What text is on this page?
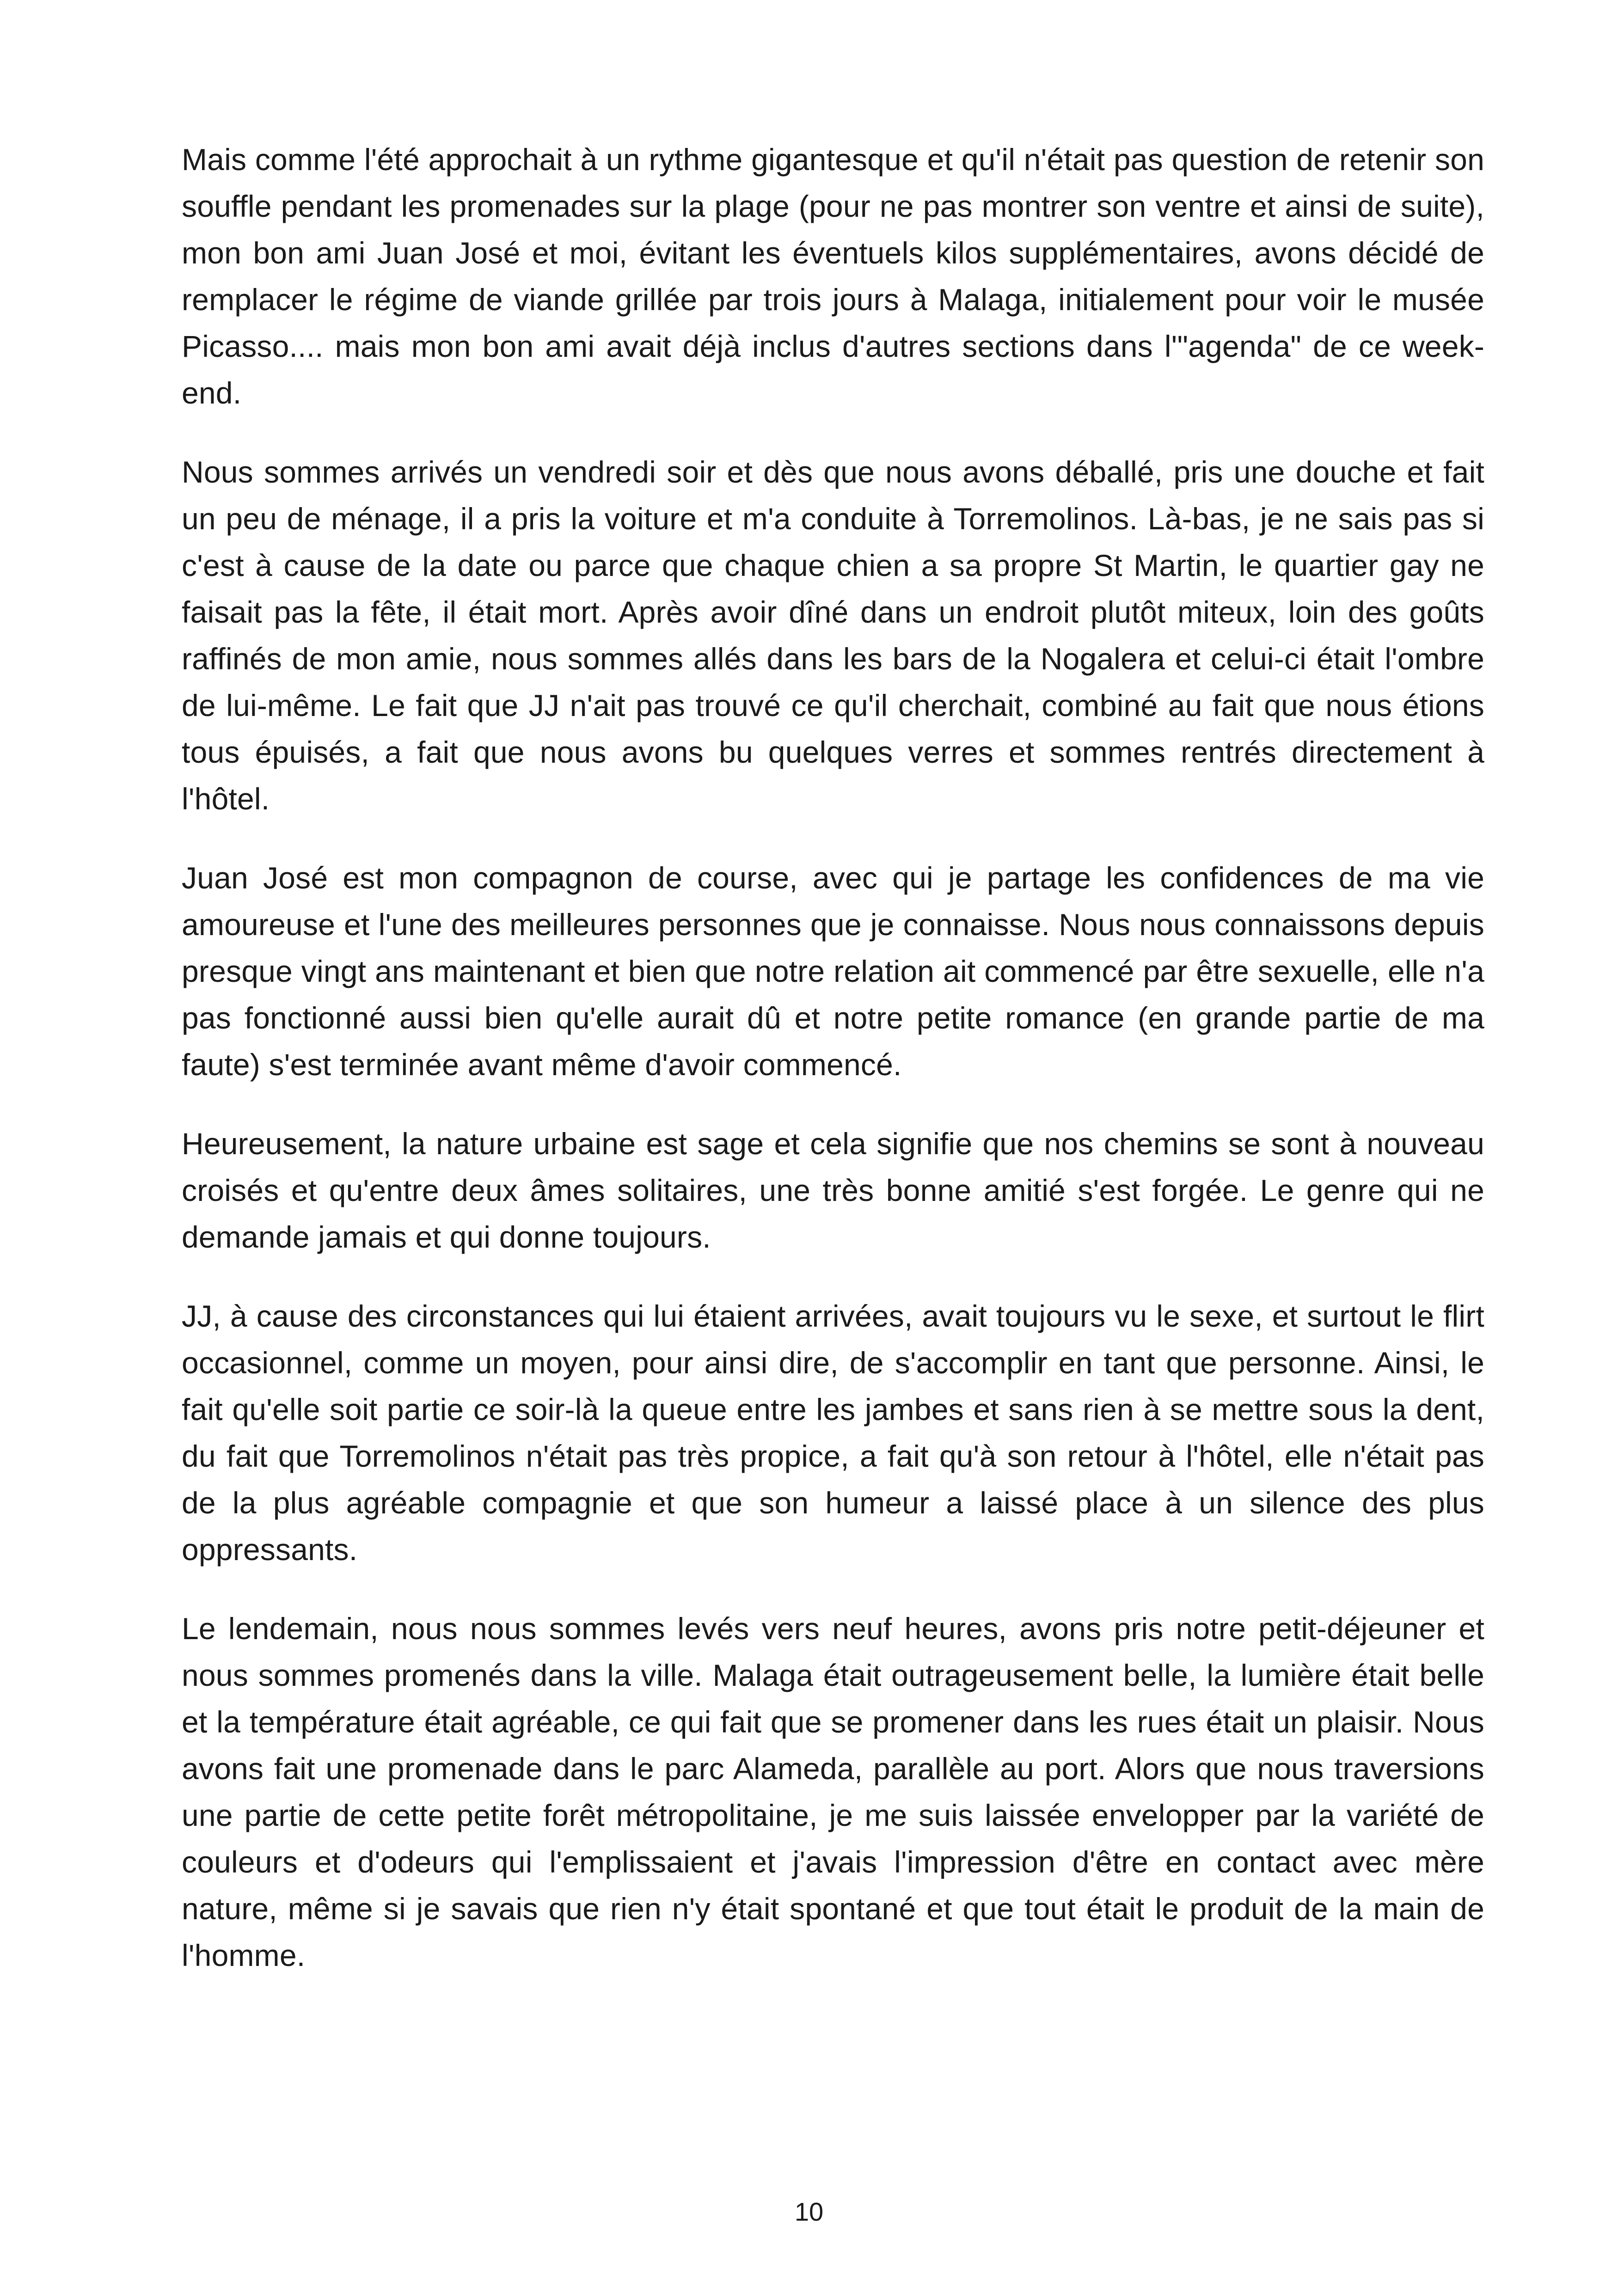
Mais comme l'été approchait à un rythme gigantesque et qu'il n'était pas question de retenir son souffle pendant les promenades sur la plage (pour ne pas montrer son ventre et ainsi de suite), mon bon ami Juan José et moi, évitant les éventuels kilos supplémentaires, avons décidé de remplacer le régime de viande grillée par trois jours à Malaga, initialement pour voir le musée Picasso.... mais mon bon ami avait déjà inclus d'autres sections dans l'"agenda" de ce week-end.

Nous sommes arrivés un vendredi soir et dès que nous avons déballé, pris une douche et fait un peu de ménage, il a pris la voiture et m'a conduite à Torremolinos. Là-bas, je ne sais pas si c'est à cause de la date ou parce que chaque chien a sa propre St Martin, le quartier gay ne faisait pas la fête, il était mort. Après avoir dîné dans un endroit plutôt miteux, loin des goûts raffinés de mon amie, nous sommes allés dans les bars de la Nogalera et celui-ci était l'ombre de lui-même. Le fait que JJ n'ait pas trouvé ce qu'il cherchait, combiné au fait que nous étions tous épuisés, a fait que nous avons bu quelques verres et sommes rentrés directement à l'hôtel.

Juan José est mon compagnon de course, avec qui je partage les confidences de ma vie amoureuse et l'une des meilleures personnes que je connaisse. Nous nous connaissons depuis presque vingt ans maintenant et bien que notre relation ait commencé par être sexuelle, elle n'a pas fonctionné aussi bien qu'elle aurait dû et notre petite romance (en grande partie de ma faute) s'est terminée avant même d'avoir commencé.

Heureusement, la nature urbaine est sage et cela signifie que nos chemins se sont à nouveau croisés et qu'entre deux âmes solitaires, une très bonne amitié s'est forgée. Le genre qui ne demande jamais et qui donne toujours.

JJ, à cause des circonstances qui lui étaient arrivées, avait toujours vu le sexe, et surtout le flirt occasionnel, comme un moyen, pour ainsi dire, de s'accomplir en tant que personne. Ainsi, le fait qu'elle soit partie ce soir-là la queue entre les jambes et sans rien à se mettre sous la dent, du fait que Torremolinos n'était pas très propice, a fait qu'à son retour à l'hôtel, elle n'était pas de la plus agréable compagnie et que son humeur a laissé place à un silence des plus oppressants.

Le lendemain, nous nous sommes levés vers neuf heures, avons pris notre petit-déjeuner et nous sommes promenés dans la ville. Malaga était outrageusement belle, la lumière était belle et la température était agréable, ce qui fait que se promener dans les rues était un plaisir. Nous avons fait une promenade dans le parc Alameda, parallèle au port. Alors que nous traversions une partie de cette petite forêt métropolitaine, je me suis laissée envelopper par la variété de couleurs et d'odeurs qui l'emplissaient et j'avais l'impression d'être en contact avec mère nature, même si je savais que rien n'y était spontané et que tout était le produit de la main de l'homme.

10
